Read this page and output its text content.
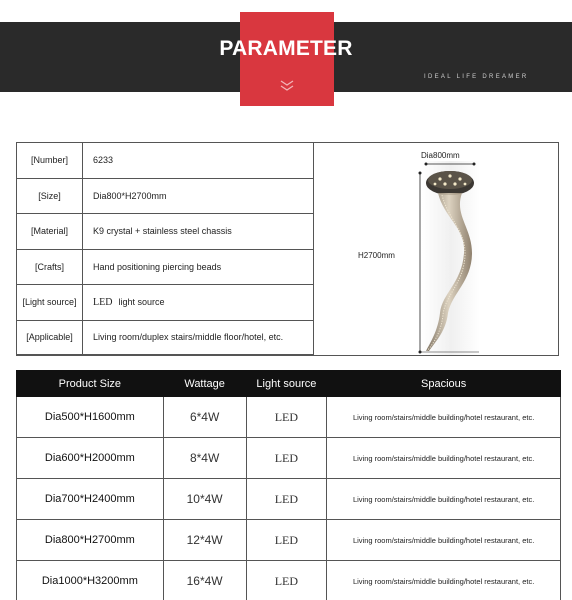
PARAMETER
IDEAL LIFE DREAMER
[Number]	6233
[Size]	Dia800*H2700mm
[Material]	K9 crystal + stainless steel chassis
[Crafts]	Hand positioning piercing beads
[Light source]	LED light source
[Applicable]	Living room/duplex stairs/middle floor/hotel, etc.
Dia800mm
H2700mm
Product Size	Wattage	Light source	Spacious
Dia500*H1600mm	6*4W	LED	Living room/stairs/middle building/hotel restaurant, etc.
Dia600*H2000mm	8*4W	LED	Living room/stairs/middle building/hotel restaurant, etc.
Dia700*H2400mm	10*4W	LED	Living room/stairs/middle building/hotel restaurant, etc.
Dia800*H2700mm	12*4W	LED	Living room/stairs/middle building/hotel restaurant, etc.
Dia1000*H3200mm	16*4W	LED	Living room/stairs/middle building/hotel restaurant, etc.
